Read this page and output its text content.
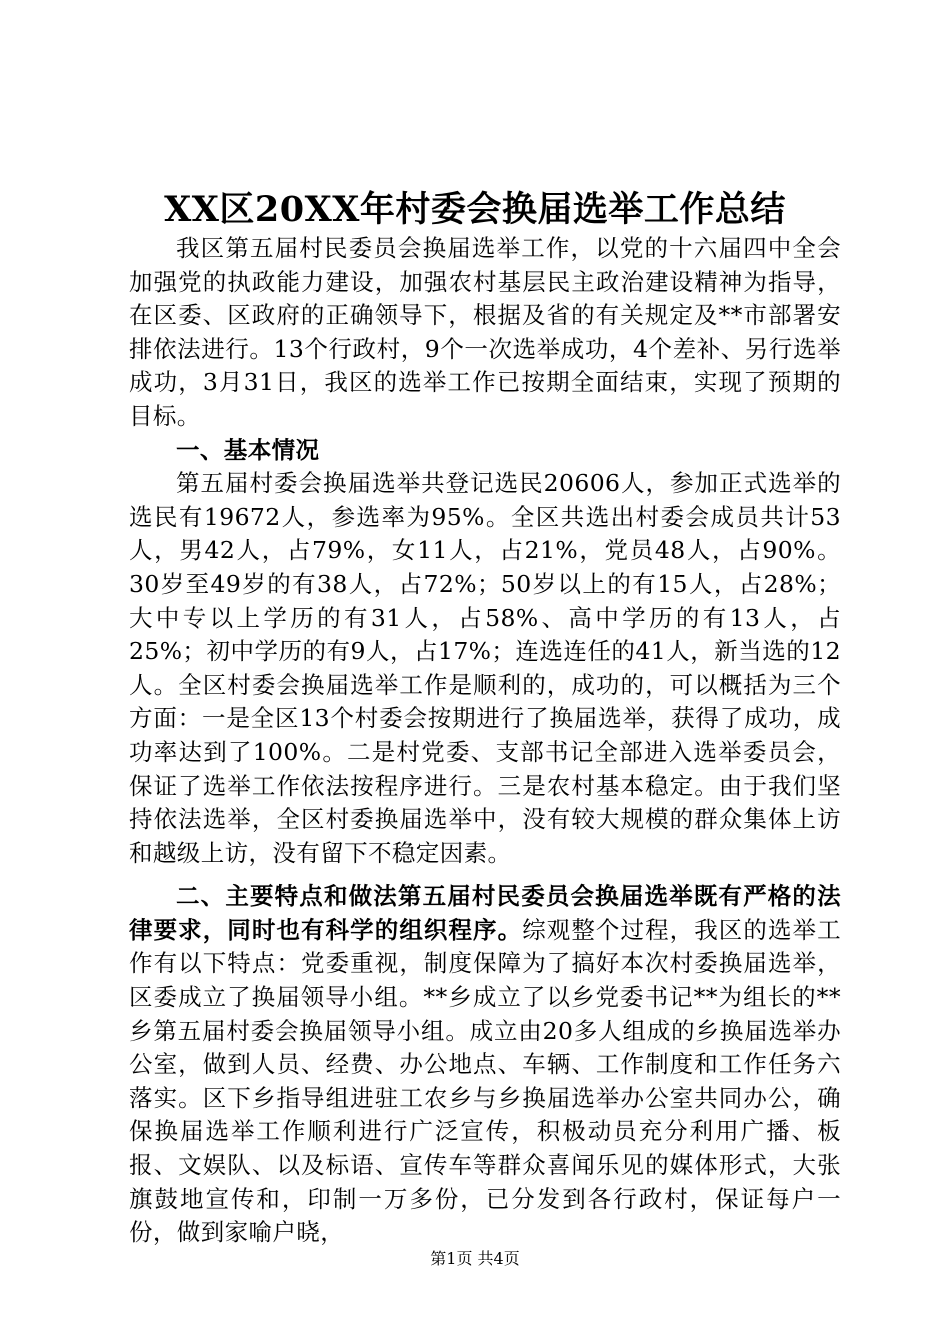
XX区20XX年村委会换届选举工作总结

我区第五届村民委员会换届选举工作，以党的十六届四中全会加强党的执政能力建设，加强农村基层民主政治建设精神为指导，在区委、区政府的正确领导下，根据及省的有关规定及**市部署安排依法进行。13个行政村，9个一次选举成功，4个差补、另行选举成功，3月31日，我区的选举工作已按期全面结束，实现了预期的目标。

一、基本情况

第五届村委会换届选举共登记选民20606人，参加正式选举的选民有19672人，参选率为95%。全区共选出村委会成员共计53人，男42人，占79%，女11人，占21%，党员48人，占90%。30岁至49岁的有38人，占72%；50岁以上的有15人，占28%；大中专以上学历的有31人，占58%、高中学历的有13人，占25%；初中学历的有9人，占17%；连选连任的41人，新当选的12人。全区村委会换届选举工作是顺利的，成功的，可以概括为三个方面：一是全区13个村委会按期进行了换届选举，获得了成功，成功率达到了100%。二是村党委、支部书记全部进入选举委员会，保证了选举工作依法按程序进行。三是农村基本稳定。由于我们坚持依法选举，全区村委换届选举中，没有较大规模的群众集体上访和越级上访，没有留下不稳定因素。

二、主要特点和做法第五届村民委员会换届选举既有严格的法律要求，同时也有科学的组织程序。综观整个过程，我区的选举工作有以下特点：党委重视，制度保障为了搞好本次村委换届选举，区委成立了换届领导小组。**乡成立了以乡党委书记**为组长的**乡第五届村委会换届领导小组。成立由20多人组成的乡换届选举办公室，做到人员、经费、办公地点、车辆、工作制度和工作任务六落实。区下乡指导组进驻工农乡与乡换届选举办公室共同办公，确保换届选举工作顺利进行广泛宣传，积极动员充分利用广播、板报、文娱队、以及标语、宣传车等群众喜闻乐见的媒体形式，大张旗鼓地宣传和，印制一万多份，已分发到各行政村，保证每户一份，做到家喻户晓，

第1页 共4页
